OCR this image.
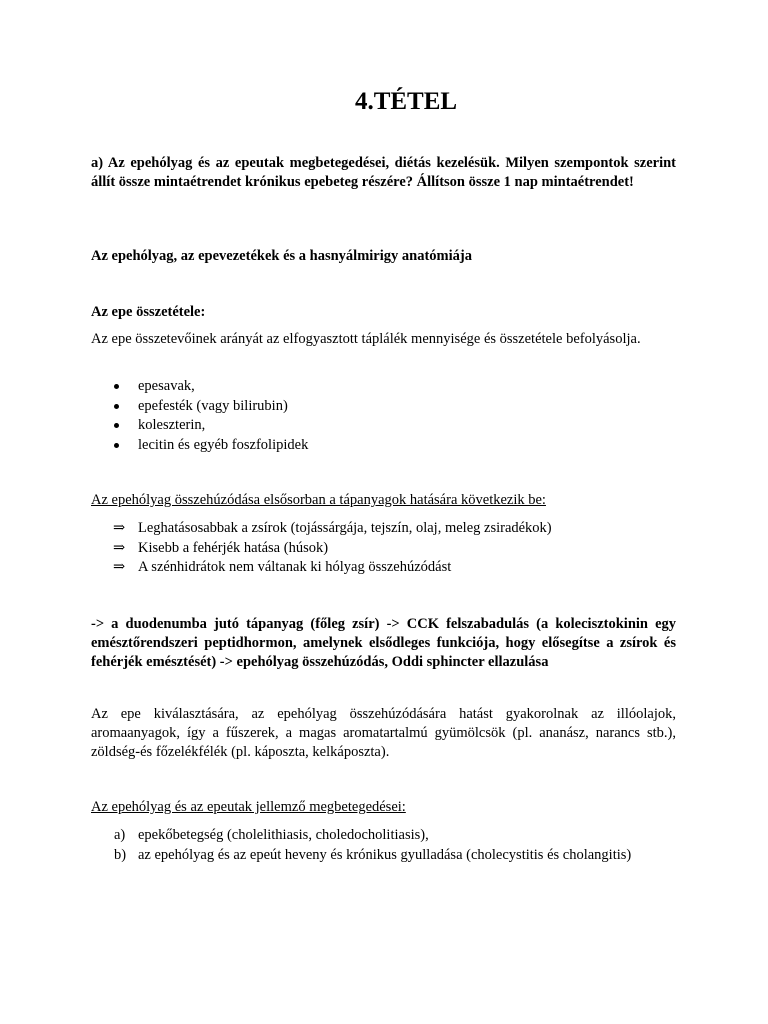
4.TÉTEL

a) Az epehólyag és az epeutak megbetegedései, diétás kezelésük. Milyen szempontok szerint állít össze mintaétrendet krónikus epebeteg részére? Állítson össze 1 nap mintaétrendet!

Az epehólyag, az epevezetékek és a hasnyálmirigy anatómiája

Az epe összetétele:

Az epe összetevőinek arányát az elfogyasztott táplálék mennyisége és összetétele befolyásolja.

epesavak,
epefesték (vagy bilirubin)
koleszterin,
lecitin és egyéb foszfolipidek

Az epehólyag összehúzódása elsősorban a tápanyagok hatására következik be:

⇒ Leghatásosabbak a zsírok (tojássárgája, tejszín, olaj, meleg zsiradékok)
⇒ Kisebb a fehérjék hatása (húsok)
⇒ A szénhidrátok nem váltanak ki hólyag összehúzódást

-> a duodenumba jutó tápanyag (főleg zsír) -> CCK felszabadulás (a kolecisztokinin egy emésztőrendszeri peptidhormon, amelynek elsődleges funkciója, hogy elősegítse a zsírok és fehérjék emésztését) -> epehólyag összehúzódás, Oddi sphincter ellazulása

Az epe kiválasztására, az epehólyag összehúzódására hatást gyakorolnak az illóolajok, aromaanyagok, így a fűszerek, a magas aromatartalmú gyümölcsök (pl. ananász, narancs stb.), zöldség-és főzelékfélék (pl. káposzta, kelkáposzta).

Az epehólyag és az epeutak jellemző megbetegedései:

a) epekőbetegség (cholelithiasis, choledocholitiasis),
b) az epehólyag és az epeút heveny és krónikus gyulladása (cholecystitis és cholangitis)
